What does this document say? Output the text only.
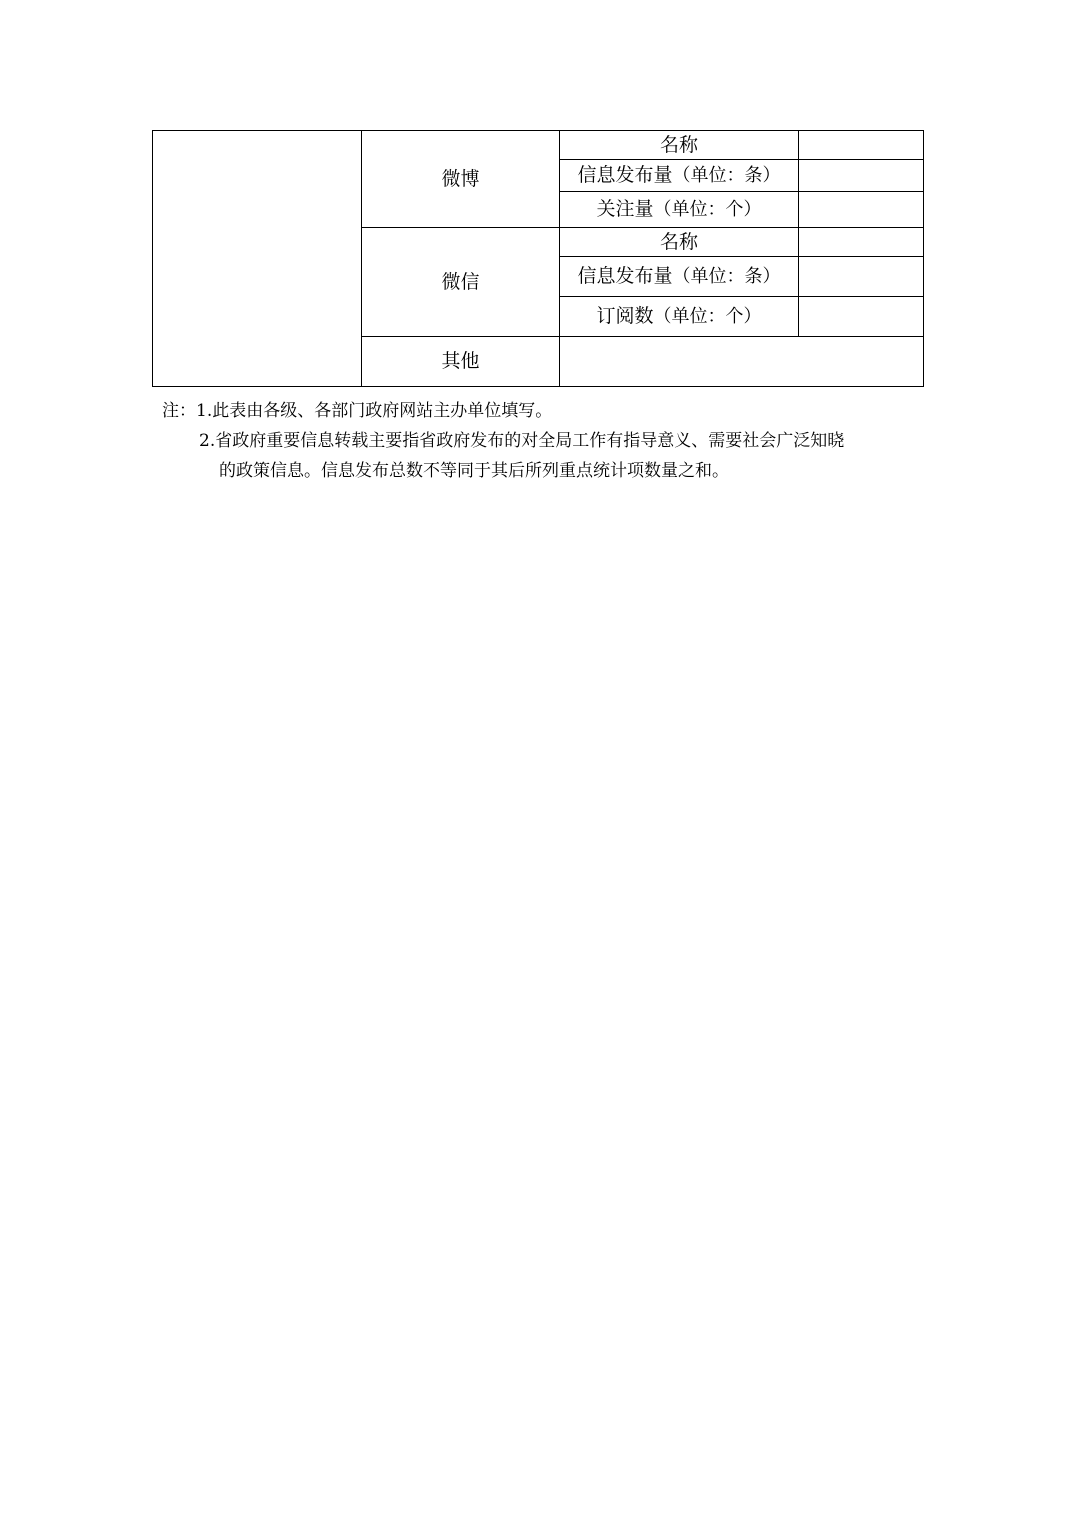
	微博	名称	
		信息发布量（单位：条）	
		关注量（单位：个）	
	微信	名称	
		信息发布量（单位：条）	
		订阅数（单位：个）	
	其他		
注：1.此表由各级、各部门政府网站主办单位填写。
2.省政府重要信息转载主要指省政府发布的对全局工作有指导意义、需要社会广泛知晓
的政策信息。信息发布总数不等同于其后所列重点统计项数量之和。
